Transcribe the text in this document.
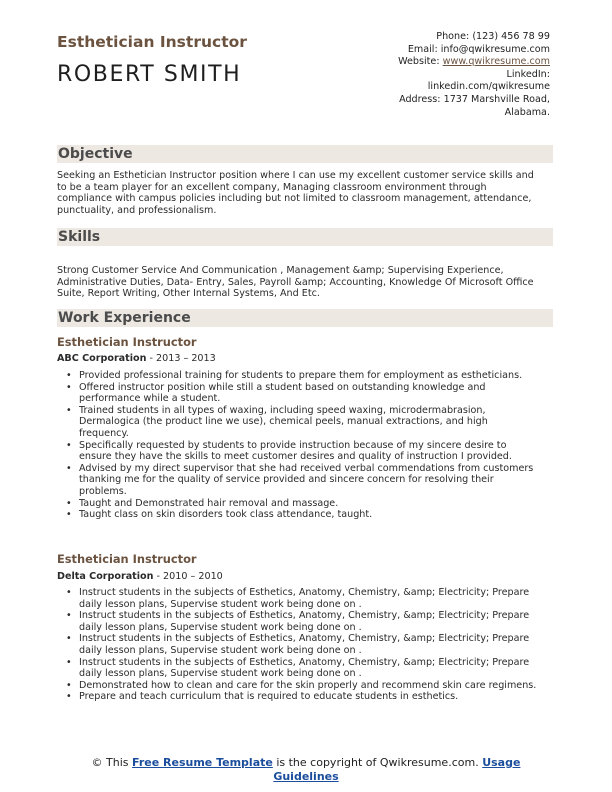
Esthetician Instructor
ROBERT SMITH
Phone: (123) 456 78 99
Email: info@qwikresume.com
Website: www.qwikresume.com
LinkedIn:
linkedin.com/qwikresume
Address: 1737 Marshville Road,
Alabama.
Objective
Seeking an Esthetician Instructor position where I can use my excellent customer service skills and to be a team player for an excellent company, Managing classroom environment through compliance with campus policies including but not limited to classroom management, attendance, punctuality, and professionalism.
Skills
Strong Customer Service And Communication , Management &amp; Supervising Experience, Administrative Duties, Data- Entry, Sales, Payroll &amp; Accounting, Knowledge Of Microsoft Office Suite, Report Writing, Other Internal Systems, And Etc.
Work Experience
Esthetician Instructor
ABC Corporation - 2013 – 2013
• Provided professional training for students to prepare them for employment as estheticians.
• Offered instructor position while still a student based on outstanding knowledge and performance while a student.
• Trained students in all types of waxing, including speed waxing, microdermabrasion, Dermalogica (the product line we use), chemical peels, manual extractions, and high frequency.
• Specifically requested by students to provide instruction because of my sincere desire to ensure they have the skills to meet customer desires and quality of instruction I provided.
• Advised by my direct supervisor that she had received verbal commendations from customers thanking me for the quality of service provided and sincere concern for resolving their problems.
• Taught and Demonstrated hair removal and massage.
• Taught class on skin disorders took class attendance, taught.
Esthetician Instructor
Delta Corporation - 2010 – 2010
• Instruct students in the subjects of Esthetics, Anatomy, Chemistry, &amp; Electricity; Prepare daily lesson plans, Supervise student work being done on .
• Instruct students in the subjects of Esthetics, Anatomy, Chemistry, &amp; Electricity; Prepare daily lesson plans, Supervise student work being done on .
• Instruct students in the subjects of Esthetics, Anatomy, Chemistry, &amp; Electricity; Prepare daily lesson plans, Supervise student work being done on .
• Instruct students in the subjects of Esthetics, Anatomy, Chemistry, &amp; Electricity; Prepare daily lesson plans, Supervise student work being done on .
• Demonstrated how to clean and care for the skin properly and recommend skin care regimens.
• Prepare and teach curriculum that is required to educate students in esthetics.
© This Free Resume Template is the copyright of Qwikresume.com. Usage
Guidelines
